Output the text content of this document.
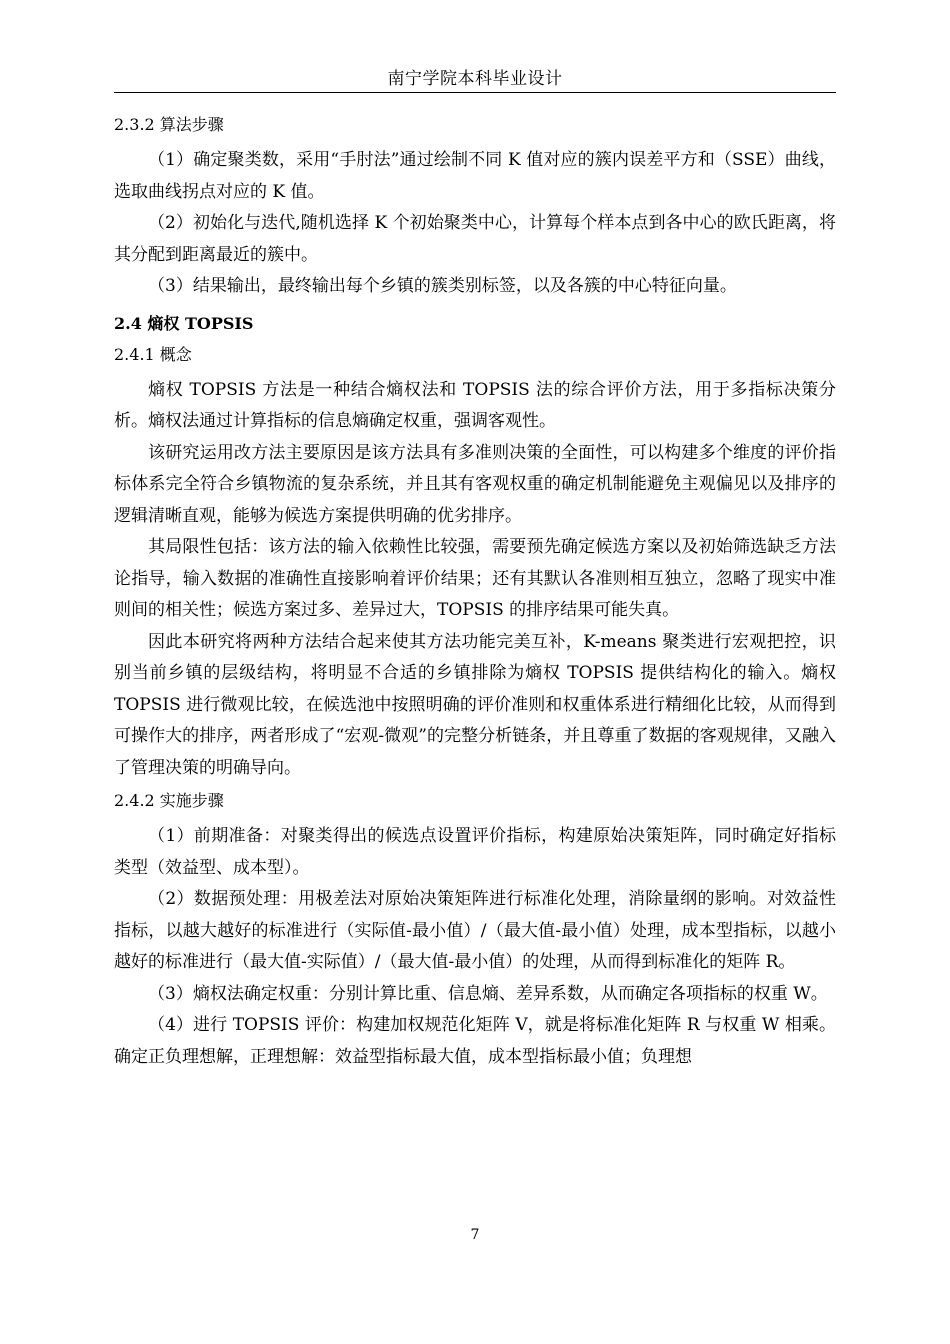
南宁学院本科毕业设计
2.3.2 算法步骤

（1）确定聚类数，采用“手肘法”通过绘制不同 K 值对应的簇内误差平方和（SSE）曲线，选取曲线拐点对应的 K 值。

（2）初始化与迭代,随机选择 K 个初始聚类中心，计算每个样本点到各中心的欧氏距离，将其分配到距离最近的簇中。

（3）结果输出，最终输出每个乡镇的簇类别标签，以及各簇的中心特征向量。

2.4 熵权 TOPSIS
2.4.1 概念

熵权 TOPSIS 方法是一种结合熵权法和 TOPSIS 法的综合评价方法，用于多指标决策分析。熵权法通过计算指标的信息熵确定权重，强调客观性。

该研究运用改方法主要原因是该方法具有多准则决策的全面性，可以构建多个维度的评价指标体系完全符合乡镇物流的复杂系统，并且其有客观权重的确定机制能避免主观偏见以及排序的逻辑清晰直观，能够为候选方案提供明确的优劣排序。

其局限性包括：该方法的输入依赖性比较强，需要预先确定候选方案以及初始筛选缺乏方法论指导，输入数据的准确性直接影响着评价结果；还有其默认各准则相互独立，忽略了现实中准则间的相关性；候选方案过多、差异过大，TOPSIS 的排序结果可能失真。

因此本研究将两种方法结合起来使其方法功能完美互补，K-means 聚类进行宏观把控，识别当前乡镇的层级结构，将明显不合适的乡镇排除为熵权 TOPSIS 提供结构化的输入。熵权 TOPSIS 进行微观比较，在候选池中按照明确的评价准则和权重体系进行精细化比较，从而得到可操作大的排序，两者形成了“宏观-微观”的完整分析链条，并且尊重了数据的客观规律，又融入了管理决策的明确导向。

2.4.2 实施步骤

（1）前期准备：对聚类得出的候选点设置评价指标，构建原始决策矩阵，同时确定好指标类型（效益型、成本型）。

（2）数据预处理：用极差法对原始决策矩阵进行标准化处理，消除量纲的影响。对效益性指标，以越大越好的标准进行（实际值-最小值）/（最大值-最小值）处理，成本型指标，以越小越好的标准进行（最大值-实际值）/（最大值-最小值）的处理，从而得到标准化的矩阵 R。

（3）熵权法确定权重：分别计算比重、信息熵、差异系数，从而确定各项指标的权重 W。

（4）进行 TOPSIS 评价：构建加权规范化矩阵 V，就是将标准化矩阵 R 与权重 W 相乘。确定正负理想解，正理想解：效益型指标最大值，成本型指标最小值；负理想

7
